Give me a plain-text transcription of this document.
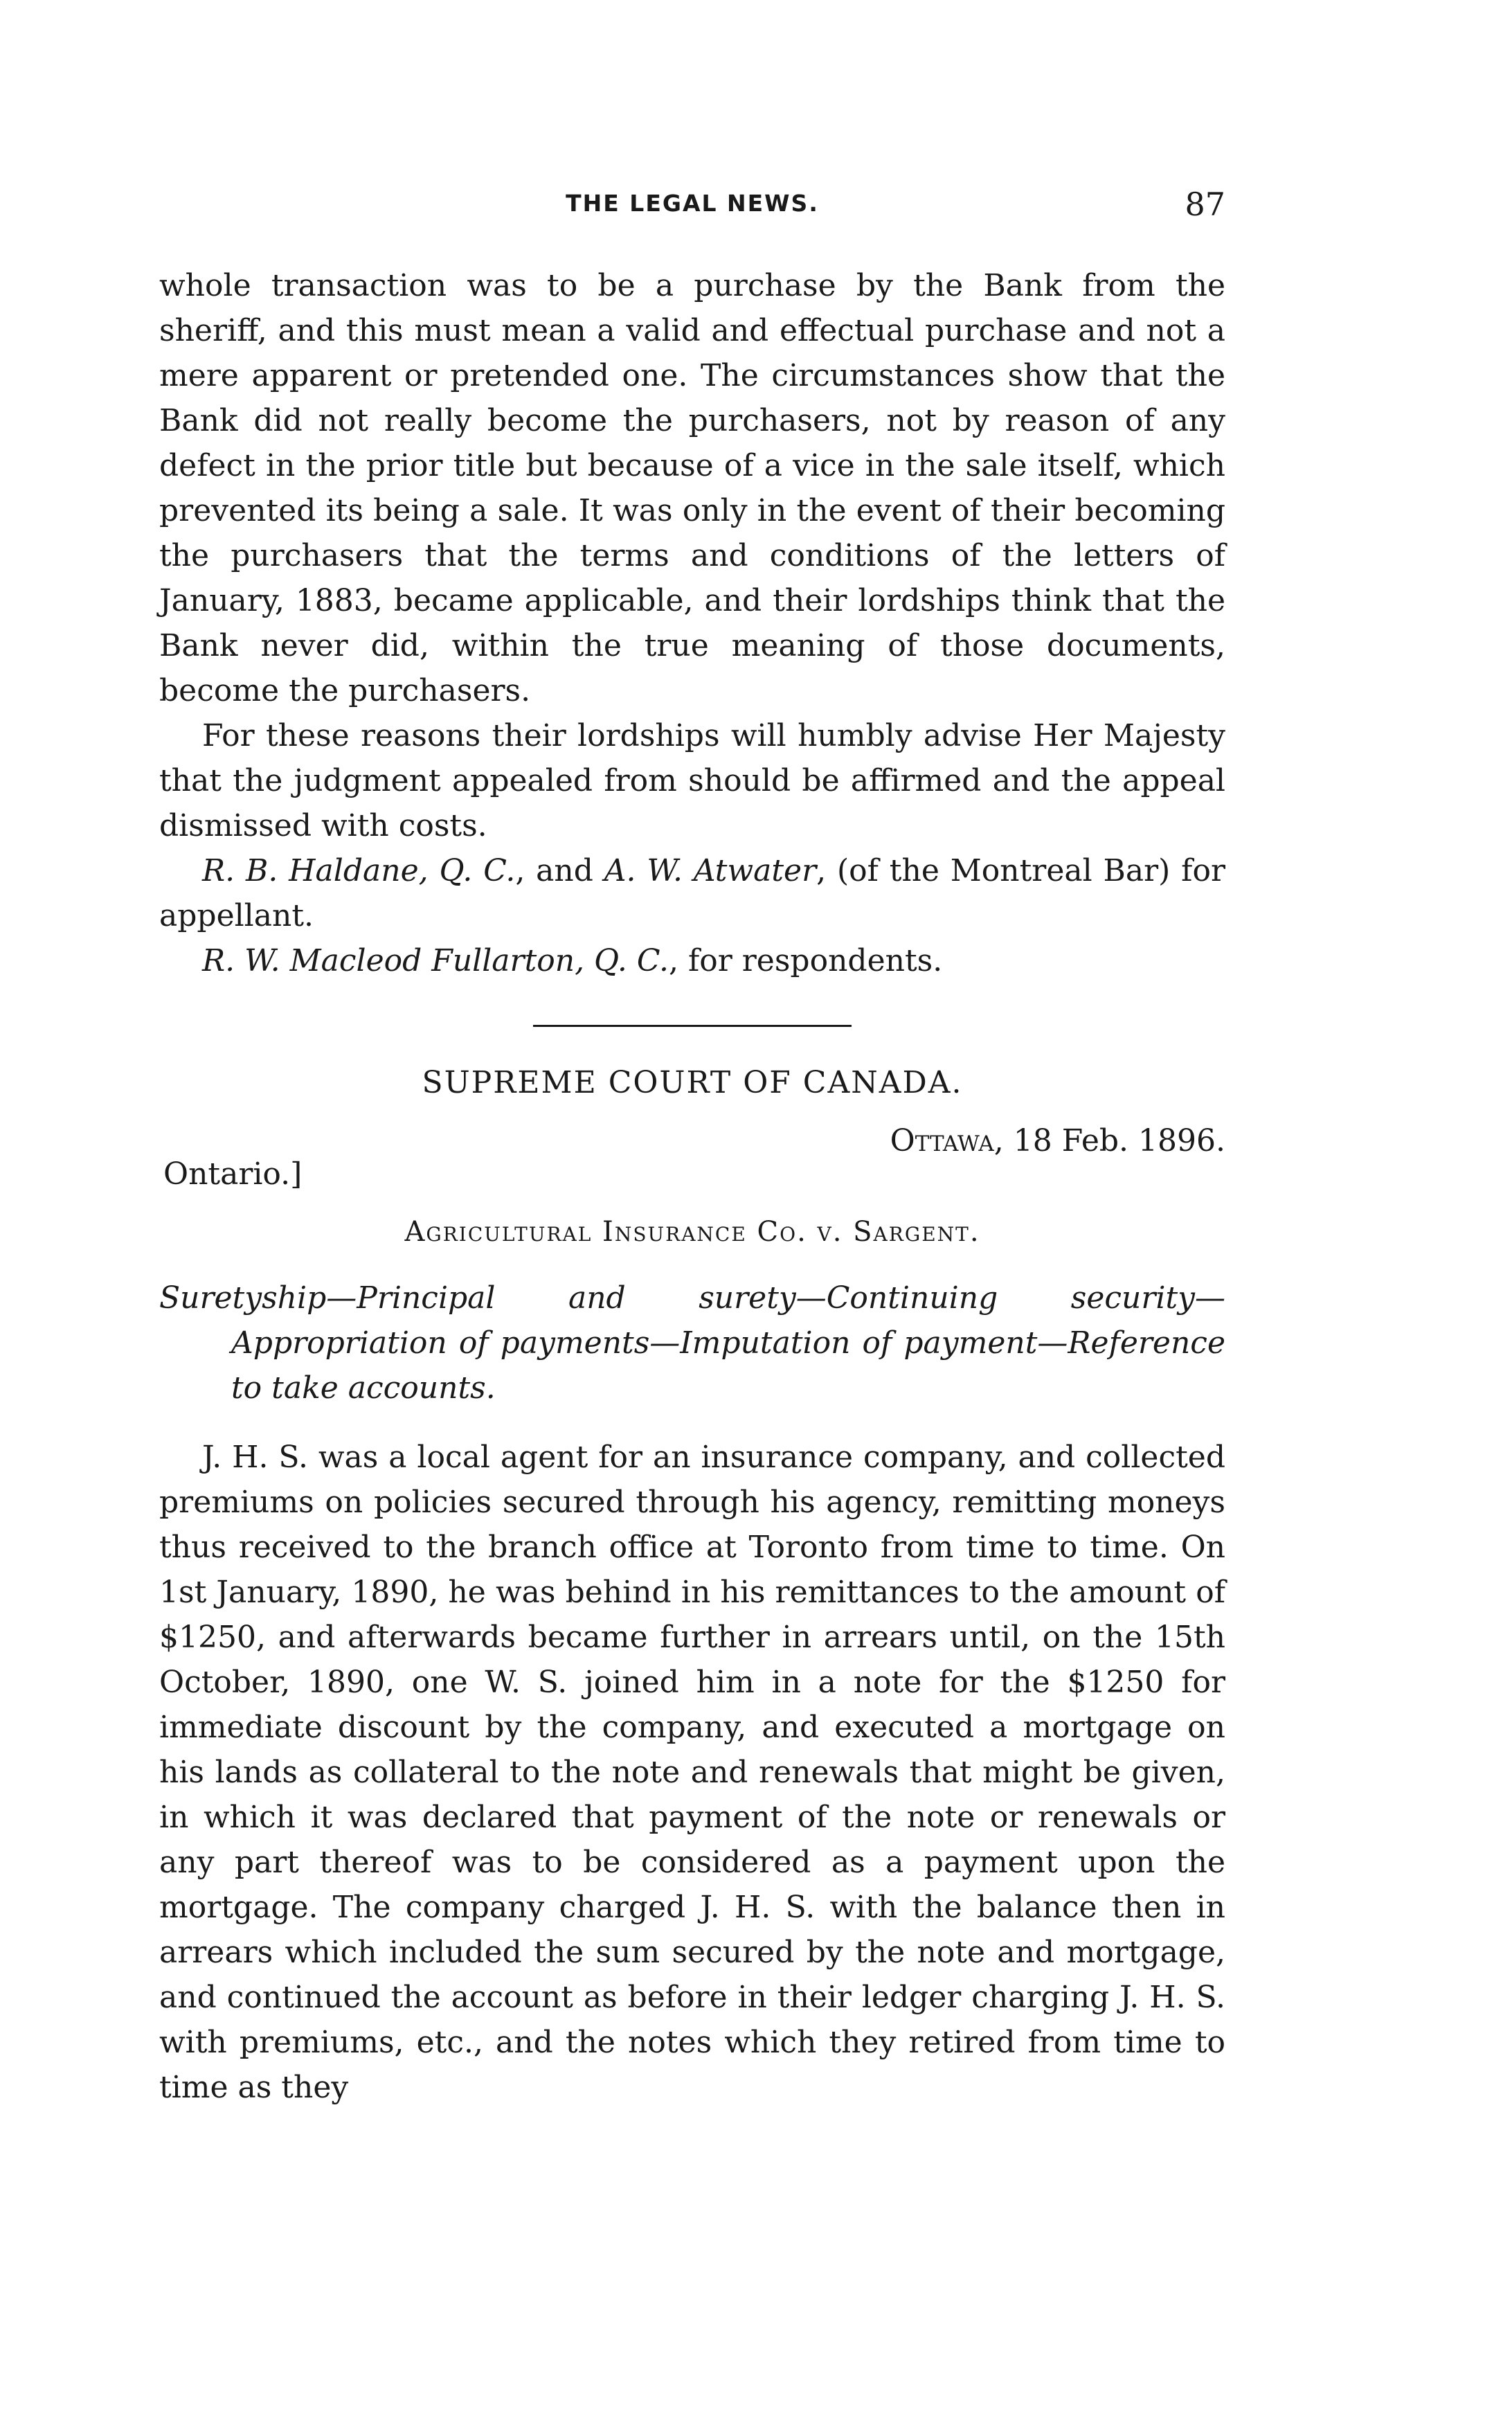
THE LEGAL NEWS.	87

whole transaction was to be a purchase by the Bank from the sheriff, and this must mean a valid and effectual purchase and not a mere apparent or pretended one. The circumstances show that the Bank did not really become the purchasers, not by reason of any defect in the prior title but because of a vice in the sale itself, which prevented its being a sale. It was only in the event of their becoming the purchasers that the terms and conditions of the letters of January, 1883, became applicable, and their lordships think that the Bank never did, within the true meaning of those documents, become the purchasers.

For these reasons their lordships will humbly advise Her Majesty that the judgment appealed from should be affirmed and the appeal dismissed with costs.

R. B. Haldane, Q. C., and A. W. Atwater, (of the Montreal Bar) for appellant.

R. W. Macleod Fullarton, Q. C., for respondents.

SUPREME COURT OF CANADA.
Ottawa, 18 Feb. 1896.
Ontario.]
Agricultural Insurance Co. v. Sargent.
Suretyship—Principal and surety—Continuing security—Appropriation of payments—Imputation of payment—Reference to take accounts.

J. H. S. was a local agent for an insurance company, and collected premiums on policies secured through his agency, remitting moneys thus received to the branch office at Toronto from time to time. On 1st January, 1890, he was behind in his remittances to the amount of $1250, and afterwards became further in arrears until, on the 15th October, 1890, one W. S. joined him in a note for the $1250 for immediate discount by the company, and executed a mortgage on his lands as collateral to the note and renewals that might be given, in which it was declared that payment of the note or renewals or any part thereof was to be considered as a payment upon the mortgage. The company charged J. H. S. with the balance then in arrears which included the sum secured by the note and mortgage, and continued the account as before in their ledger charging J. H. S. with premiums, etc., and the notes which they retired from time to time as they
